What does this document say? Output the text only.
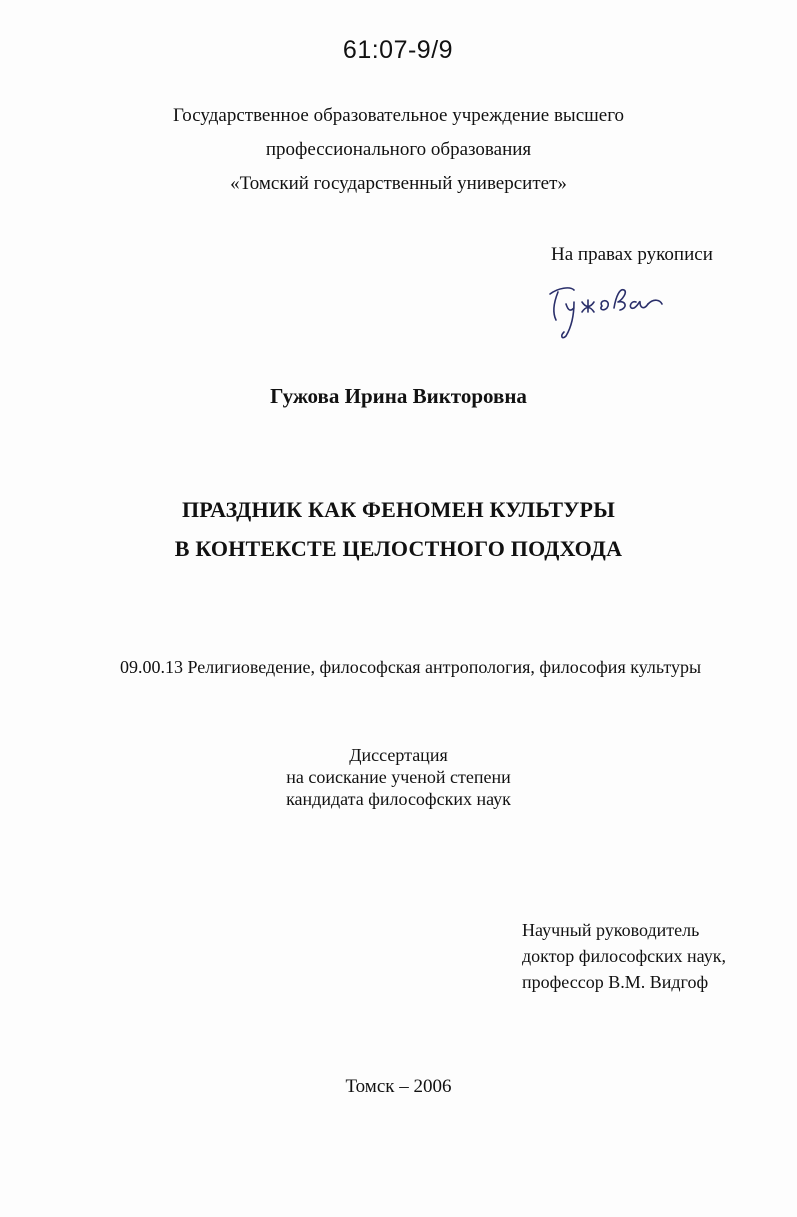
61:07-9/9
Государственное образовательное учреждение высшего
профессионального образования
«Томский государственный университет»
На правах рукописи
Гужова Ирина Викторовна
ПРАЗДНИК КАК ФЕНОМЕН КУЛЬТУРЫ
В КОНТЕКСТЕ ЦЕЛОСТНОГО ПОДХОДА
09.00.13 Религиоведение, философская антропология, философия культуры
Диссертация
на соискание ученой степени
кандидата философских наук
Научный руководитель
доктор философских наук,
профессор В.М. Видгоф
Томск – 2006
